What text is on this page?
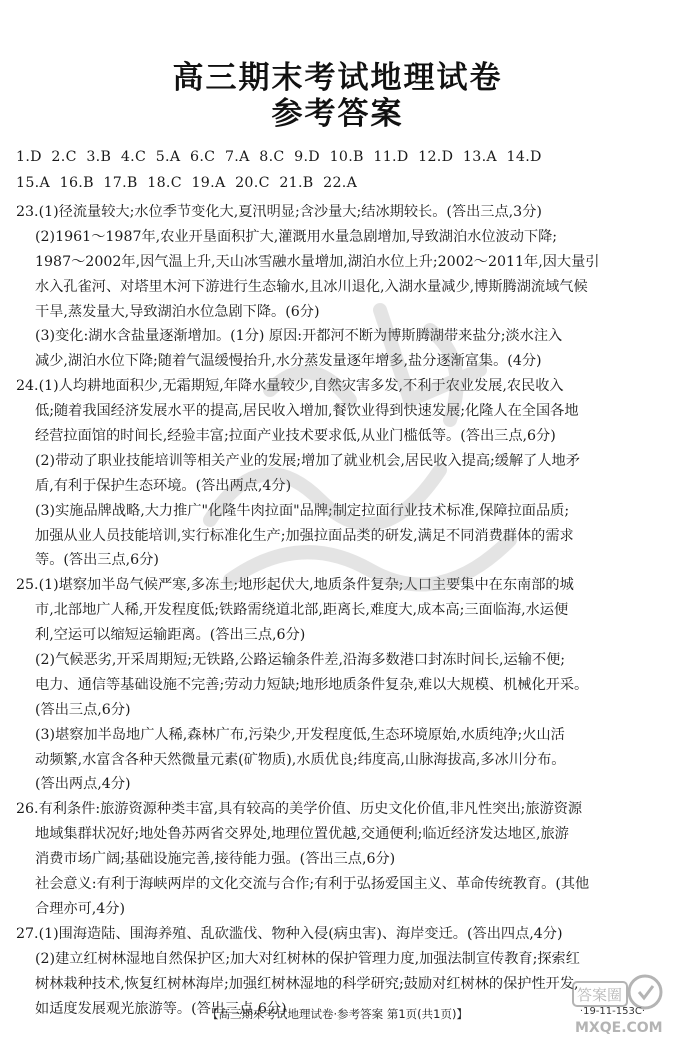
高三期末考试地理试卷
参考答案
1.D  2.C  3.B  4.C  5.A  6.C  7.A  8.C  9.D  10.B  11.D  12.D  13.A  14.D
15.A  16.B  17.B  18.C  19.A  20.C  21.B  22.A
23.(1)径流量较大;水位季节变化大,夏汛明显;含沙量大;结冰期较长。(答出三点,3分)
(2)1961～1987年,农业开垦面积扩大,灌溉用水量急剧增加,导致湖泊水位波动下降;
1987～2002年,因气温上升,天山冰雪融水量增加,湖泊水位上升;2002～2011年,因大量引
水入孔雀河、对塔里木河下游进行生态输水,且冰川退化,入湖水量减少,博斯腾湖流域气候
干旱,蒸发量大,导致湖泊水位急剧下降。(6分)
(3)变化:湖水含盐量逐渐增加。(1分) 原因:开都河不断为博斯腾湖带来盐分;淡水注入
减少,湖泊水位下降;随着气温缓慢抬升,水分蒸发量逐年增多,盐分逐渐富集。(4分)
24.(1)人均耕地面积少,无霜期短,年降水量较少,自然灾害多发,不利于农业发展,农民收入
低;随着我国经济发展水平的提高,居民收入增加,餐饮业得到快速发展;化隆人在全国各地
经营拉面馆的时间长,经验丰富;拉面产业技术要求低,从业门槛低等。(答出三点,6分)
(2)带动了职业技能培训等相关产业的发展;增加了就业机会,居民收入提高;缓解了人地矛
盾,有利于保护生态环境。(答出两点,4分)
(3)实施品牌战略,大力推广"化隆牛肉拉面"品牌;制定拉面行业技术标准,保障拉面品质;
加强从业人员技能培训,实行标准化生产;加强拉面品类的研发,满足不同消费群体的需求
等。(答出三点,6分)
25.(1)堪察加半岛气候严寒,多冻土;地形起伏大,地质条件复杂;人口主要集中在东南部的城
市,北部地广人稀,开发程度低;铁路需绕道北部,距离长,难度大,成本高;三面临海,水运便
利,空运可以缩短运输距离。(答出三点,6分)
(2)气候恶劣,开采周期短;无铁路,公路运输条件差,沿海多数港口封冻时间长,运输不便;
电力、通信等基础设施不完善;劳动力短缺;地形地质条件复杂,难以大规模、机械化开采。
(答出三点,6分)
(3)堪察加半岛地广人稀,森林广布,污染少,开发程度低,生态环境原始,水质纯净;火山活
动频繁,水富含各种天然微量元素(矿物质),水质优良;纬度高,山脉海拔高,多冰川分布。
(答出两点,4分)
26.有利条件:旅游资源种类丰富,具有较高的美学价值、历史文化价值,非凡性突出;旅游资源
地域集群状况好;地处鲁苏两省交界处,地理位置优越,交通便利;临近经济发达地区,旅游
消费市场广阔;基础设施完善,接待能力强。(答出三点,6分)
社会意义:有利于海峡两岸的文化交流与合作;有利于弘扬爱国主义、革命传统教育。(其他
合理亦可,4分)
27.(1)围海造陆、围海养殖、乱砍滥伐、物种入侵(病虫害)、海岸变迁。(答出四点,4分)
(2)建立红树林湿地自然保护区;加大对红树林的保护管理力度,加强法制宣传教育;探索红
树林栽种技术,恢复红树林海岸;加强红树林湿地的科学研究;鼓励对红树林的保护性开发,
如适度发展观光旅游等。(答出三点,6分)
【高三期末考试地理试卷·参考答案 第1页(共1页)】	·19-11-153C·
答案圈
MXQE.COM
